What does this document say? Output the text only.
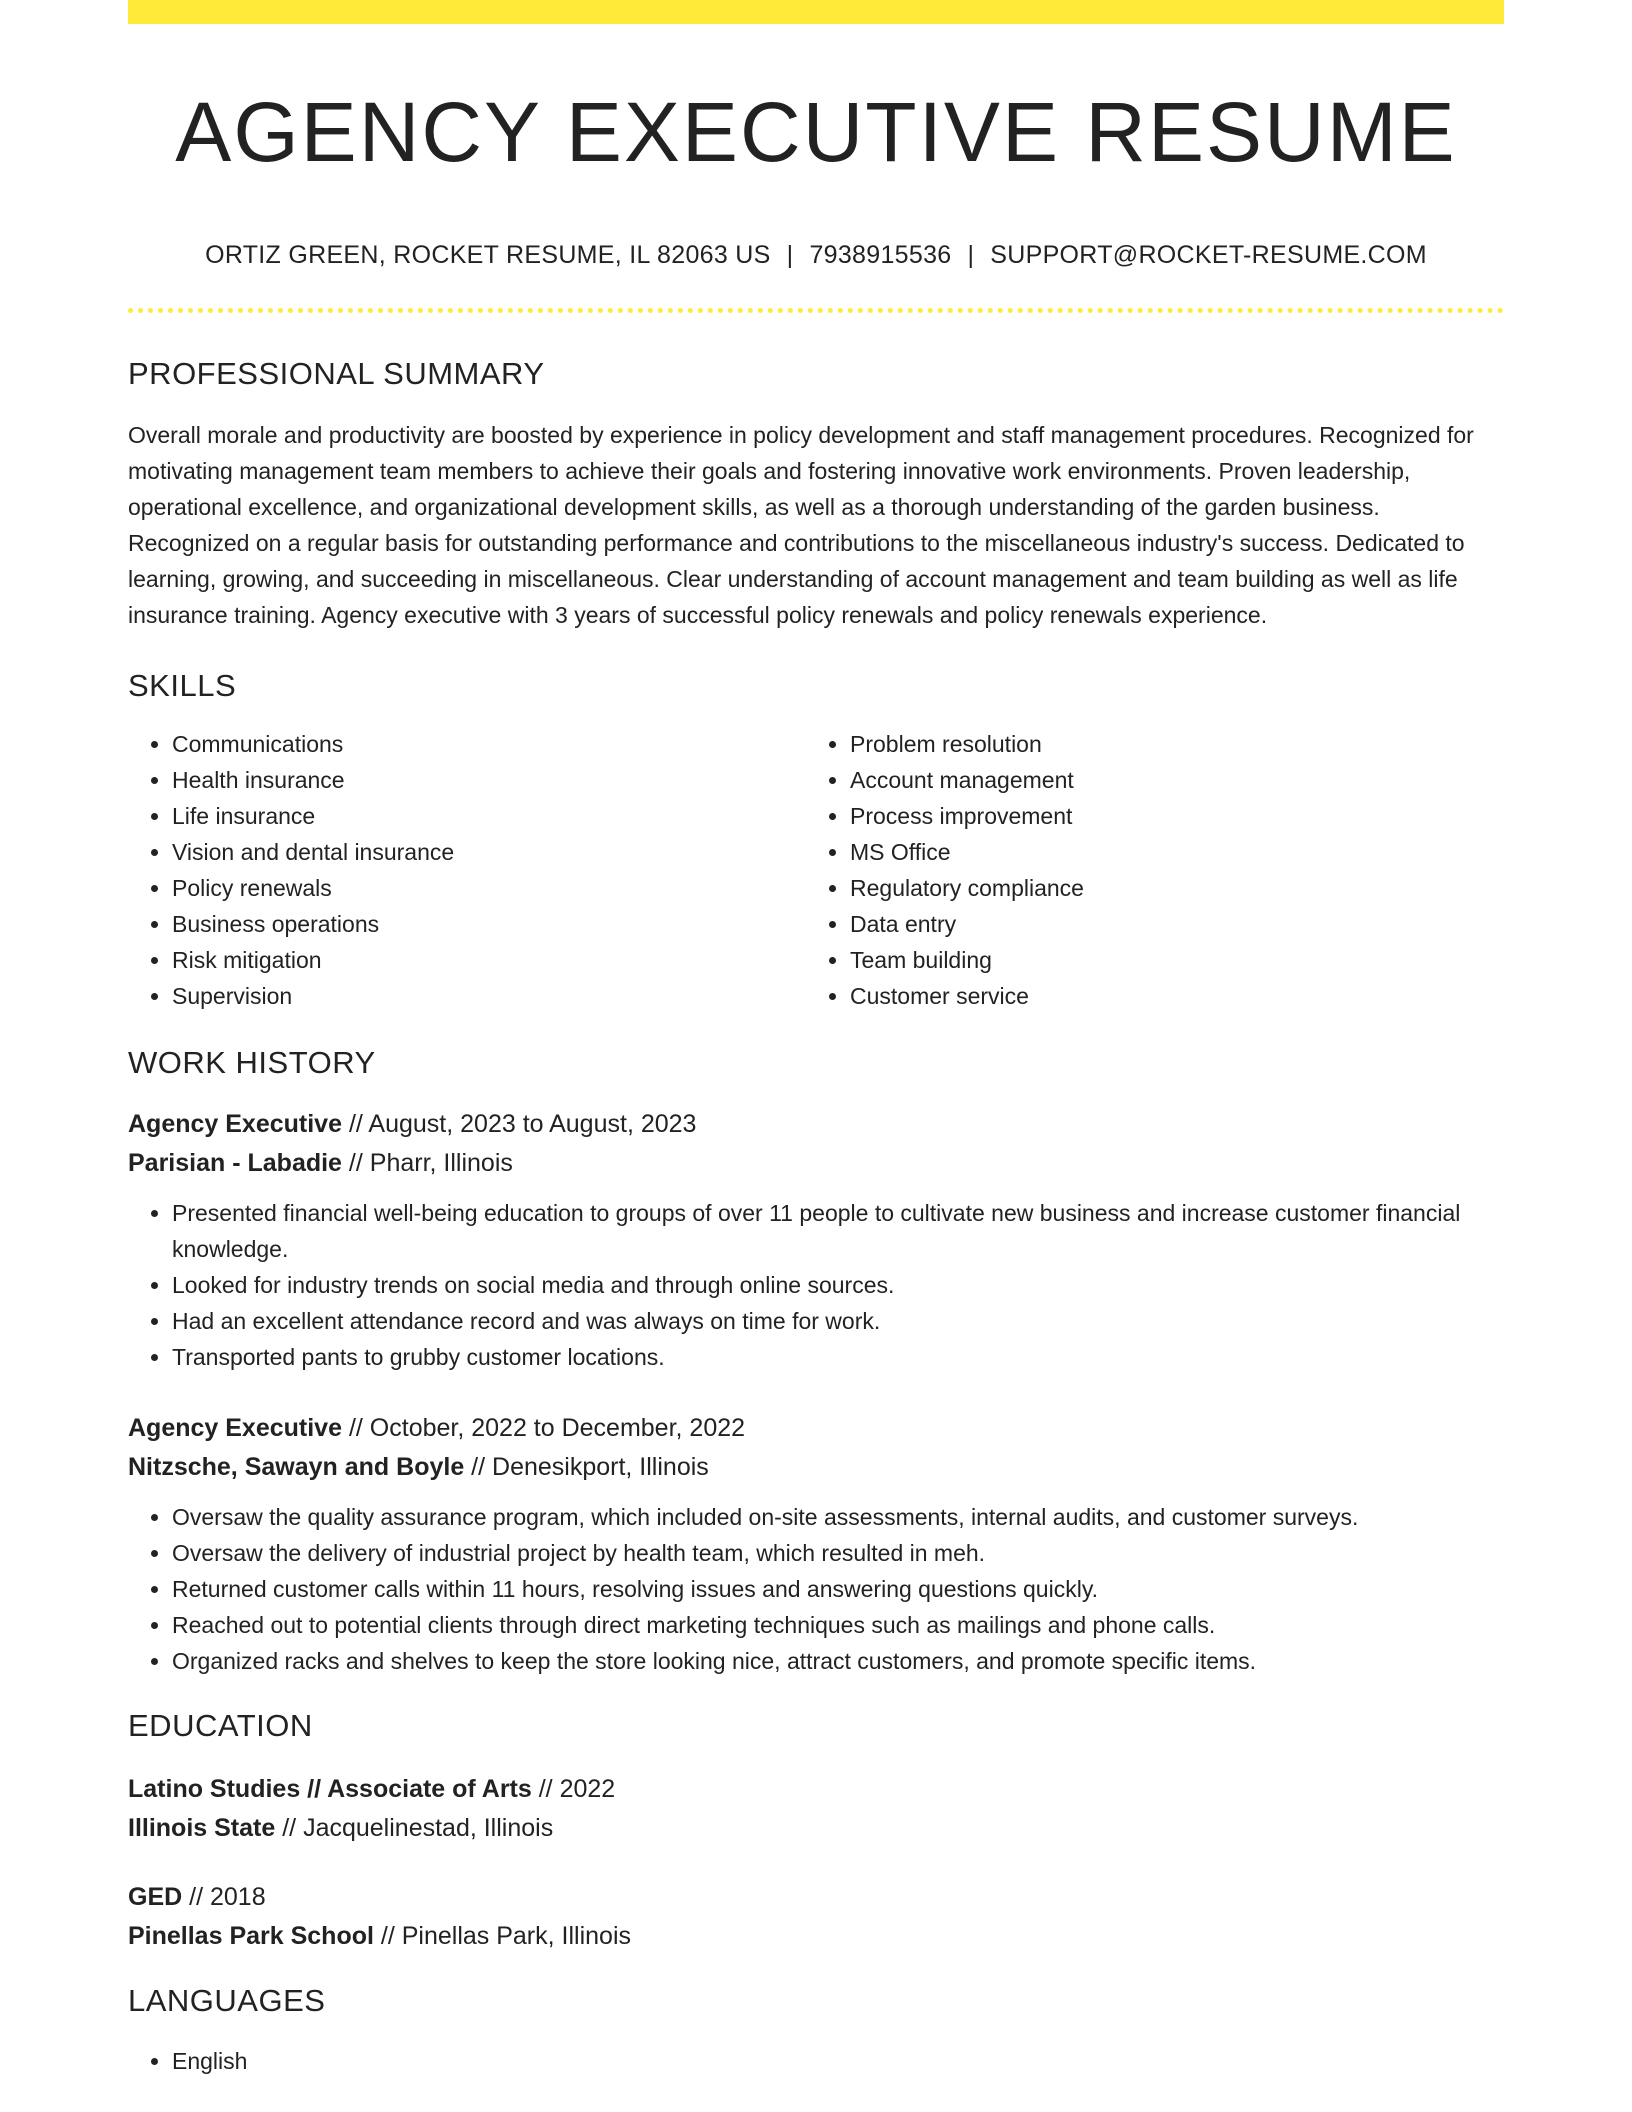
AGENCY EXECUTIVE RESUME
ORTIZ GREEN, ROCKET RESUME, IL 82063 US | 7938915536 | SUPPORT@ROCKET-RESUME.COM
PROFESSIONAL SUMMARY

Overall morale and productivity are boosted by experience in policy development and staff management procedures. Recognized for motivating management team members to achieve their goals and fostering innovative work environments. Proven leadership, operational excellence, and organizational development skills, as well as a thorough understanding of the garden business. Recognized on a regular basis for outstanding performance and contributions to the miscellaneous industry's success. Dedicated to learning, growing, and succeeding in miscellaneous. Clear understanding of account management and team building as well as life insurance training. Agency executive with 3 years of successful policy renewals and policy renewals experience.

SKILLS
• Communications
• Health insurance
• Life insurance
• Vision and dental insurance
• Policy renewals
• Business operations
• Risk mitigation
• Supervision
• Problem resolution
• Account management
• Process improvement
• MS Office
• Regulatory compliance
• Data entry
• Team building
• Customer service
WORK HISTORY
Agency Executive // August, 2023 to August, 2023
Parisian - Labadie // Pharr, Illinois
• Presented financial well-being education to groups of over 11 people to cultivate new business and increase customer financial knowledge.
• Looked for industry trends on social media and through online sources.
• Had an excellent attendance record and was always on time for work.
• Transported pants to grubby customer locations.
Agency Executive // October, 2022 to December, 2022
Nitzsche, Sawayn and Boyle // Denesikport, Illinois
• Oversaw the quality assurance program, which included on-site assessments, internal audits, and customer surveys.
• Oversaw the delivery of industrial project by health team, which resulted in meh.
• Returned customer calls within 11 hours, resolving issues and answering questions quickly.
• Reached out to potential clients through direct marketing techniques such as mailings and phone calls.
• Organized racks and shelves to keep the store looking nice, attract customers, and promote specific items.
EDUCATION
Latino Studies // Associate of Arts // 2022
Illinois State // Jacquelinestad, Illinois
GED // 2018
Pinellas Park School // Pinellas Park, Illinois
LANGUAGES
• English
